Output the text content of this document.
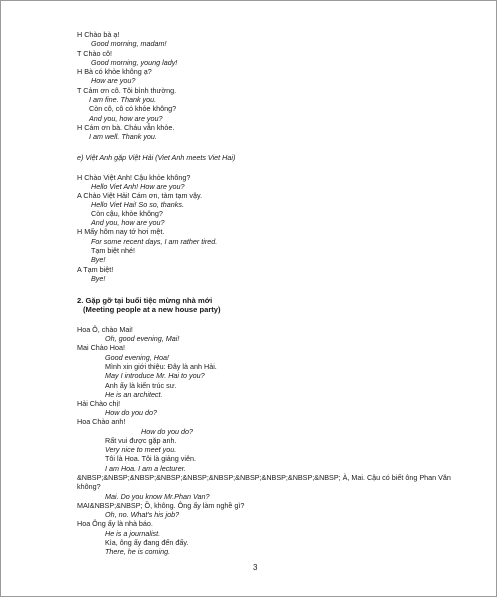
H Chào bà ạ!
Good morning, madam!
T Chào cô!
Good morning, young lady!
H Bà có khỏe không ạ?
How are you?
T Cảm ơn cô. Tôi bình thường.
I am fine. Thank you.
Còn cô, cô có khỏe không?
And you, how are you?
H Cám ơn bà. Cháu vẫn khỏe.
I am well. Thank you.
e) Việt Anh gặp Việt Hải (Viet Anh meets Viet Hai)
H Chào Việt Anh! Cậu khỏe không?
Hello Viet Anh! How are you?
A Chào Việt Hải! Cám ơn, tàm tạm vậy.
Hello Viet Hai! So so, thanks.
Còn cậu, khỏe không?
And you, how are you?
H Mấy hôm nay tớ hơi mệt.
For some recent days, I am rather tired.
Tạm biệt nhé!
Bye!
A Tạm biệt!
Bye!
2. Gặp gỡ tại buổi tiệc mừng nhà mới
(Meeting people at a new house party)
Hoa Ô, chào Mai!
Oh, good evening, Mai!
Mai Chào Hoa!
Good evening, Hoa!
Mình xin giới thiệu: Đây là anh Hải.
May I introduce Mr. Hai to you?
Anh ấy là kiến trúc sư.
He is an architect.
Hải Chào chị!
How do you do?
Hoa Chào anh!
How do you do?
Rất vui được gặp anh.
Very nice to meet you.
Tôi là Hoa. Tôi là giảng viên.
I am Hoa. I am a lecturer.
&NBSP;&NBSP;&NBSP;&NBSP;&NBSP;&NBSP;&NBSP;&NBSP;&NBSP;&NBSP; À, Mai. Cậu có biết ông Phan Văn
không?
Mai. Do you know Mr.Phan Van?
MAI&NBSP;&NBSP; Ồ, không. Ông ấy làm nghề gì?
Oh, no. What's his job?
Hoa Ông ấy là nhà báo.
He is a journalist.
Kìa, ông ấy đang đến đấy.
There, he is coming.
3
